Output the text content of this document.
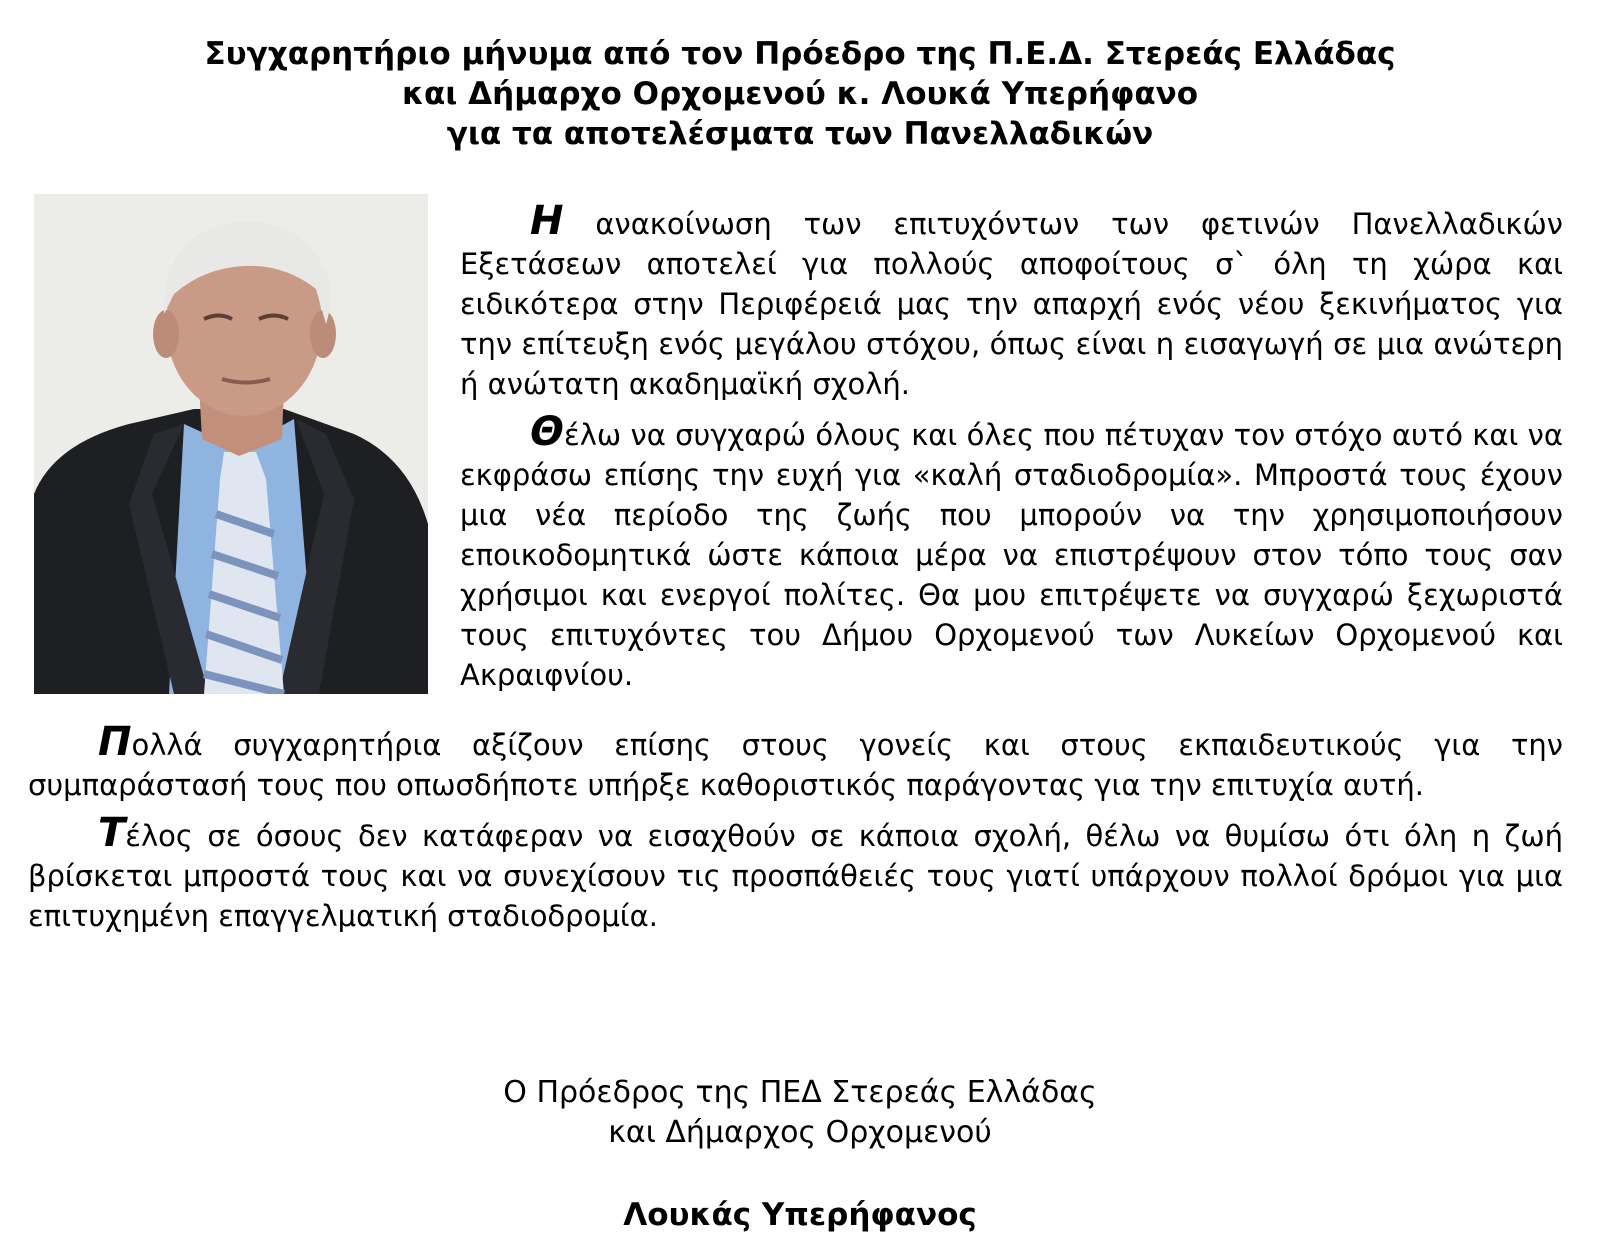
Συγχαρητήριο μήνυμα από τον Πρόεδρο της Π.Ε.Δ. Στερεάς Ελλάδας
και Δήμαρχο Ορχομενού κ. Λουκά Υπερήφανο
για τα αποτελέσματα των Πανελλαδικών

Η ανακοίνωση των επιτυχόντων των φετινών Πανελλαδικών Εξετάσεων αποτελεί για πολλούς αποφοίτους σ` όλη τη χώρα και ειδικότερα στην Περιφέρειά μας την απαρχή ενός νέου ξεκινήματος για την επίτευξη ενός μεγάλου στόχου, όπως είναι η εισαγωγή σε μια ανώτερη ή ανώτατη ακαδημαϊκή σχολή.

Θέλω να συγχαρώ όλους και όλες που πέτυχαν τον στόχο αυτό και να εκφράσω επίσης την ευχή για «καλή σταδιοδρομία». Μπροστά τους έχουν μια νέα περίοδο της ζωής που μπορούν να την χρησιμοποιήσουν εποικοδομητικά ώστε κάποια μέρα να επιστρέψουν στον τόπο τους σαν χρήσιμοι και ενεργοί πολίτες. Θα μου επιτρέψετε να συγχαρώ ξεχωριστά τους επιτυχόντες του Δήμου Ορχομενού των Λυκείων Ορχομενού και Ακραιφνίου.

Πολλά συγχαρητήρια αξίζουν επίσης στους γονείς και στους εκπαιδευτικούς για την συμπαράστασή τους που οπωσδήποτε υπήρξε καθοριστικός παράγοντας για την επιτυχία αυτή.

Τέλος σε όσους δεν κατάφεραν να εισαχθούν σε κάποια σχολή, θέλω να θυμίσω ότι όλη η ζωή βρίσκεται μπροστά τους και να συνεχίσουν τις προσπάθειές τους γιατί υπάρχουν πολλοί δρόμοι για μια επιτυχημένη επαγγελματική σταδιοδρομία.

Ο Πρόεδρος της ΠΕΔ Στερεάς Ελλάδας
και Δήμαρχος Ορχομενού
Λουκάς Υπερήφανος
